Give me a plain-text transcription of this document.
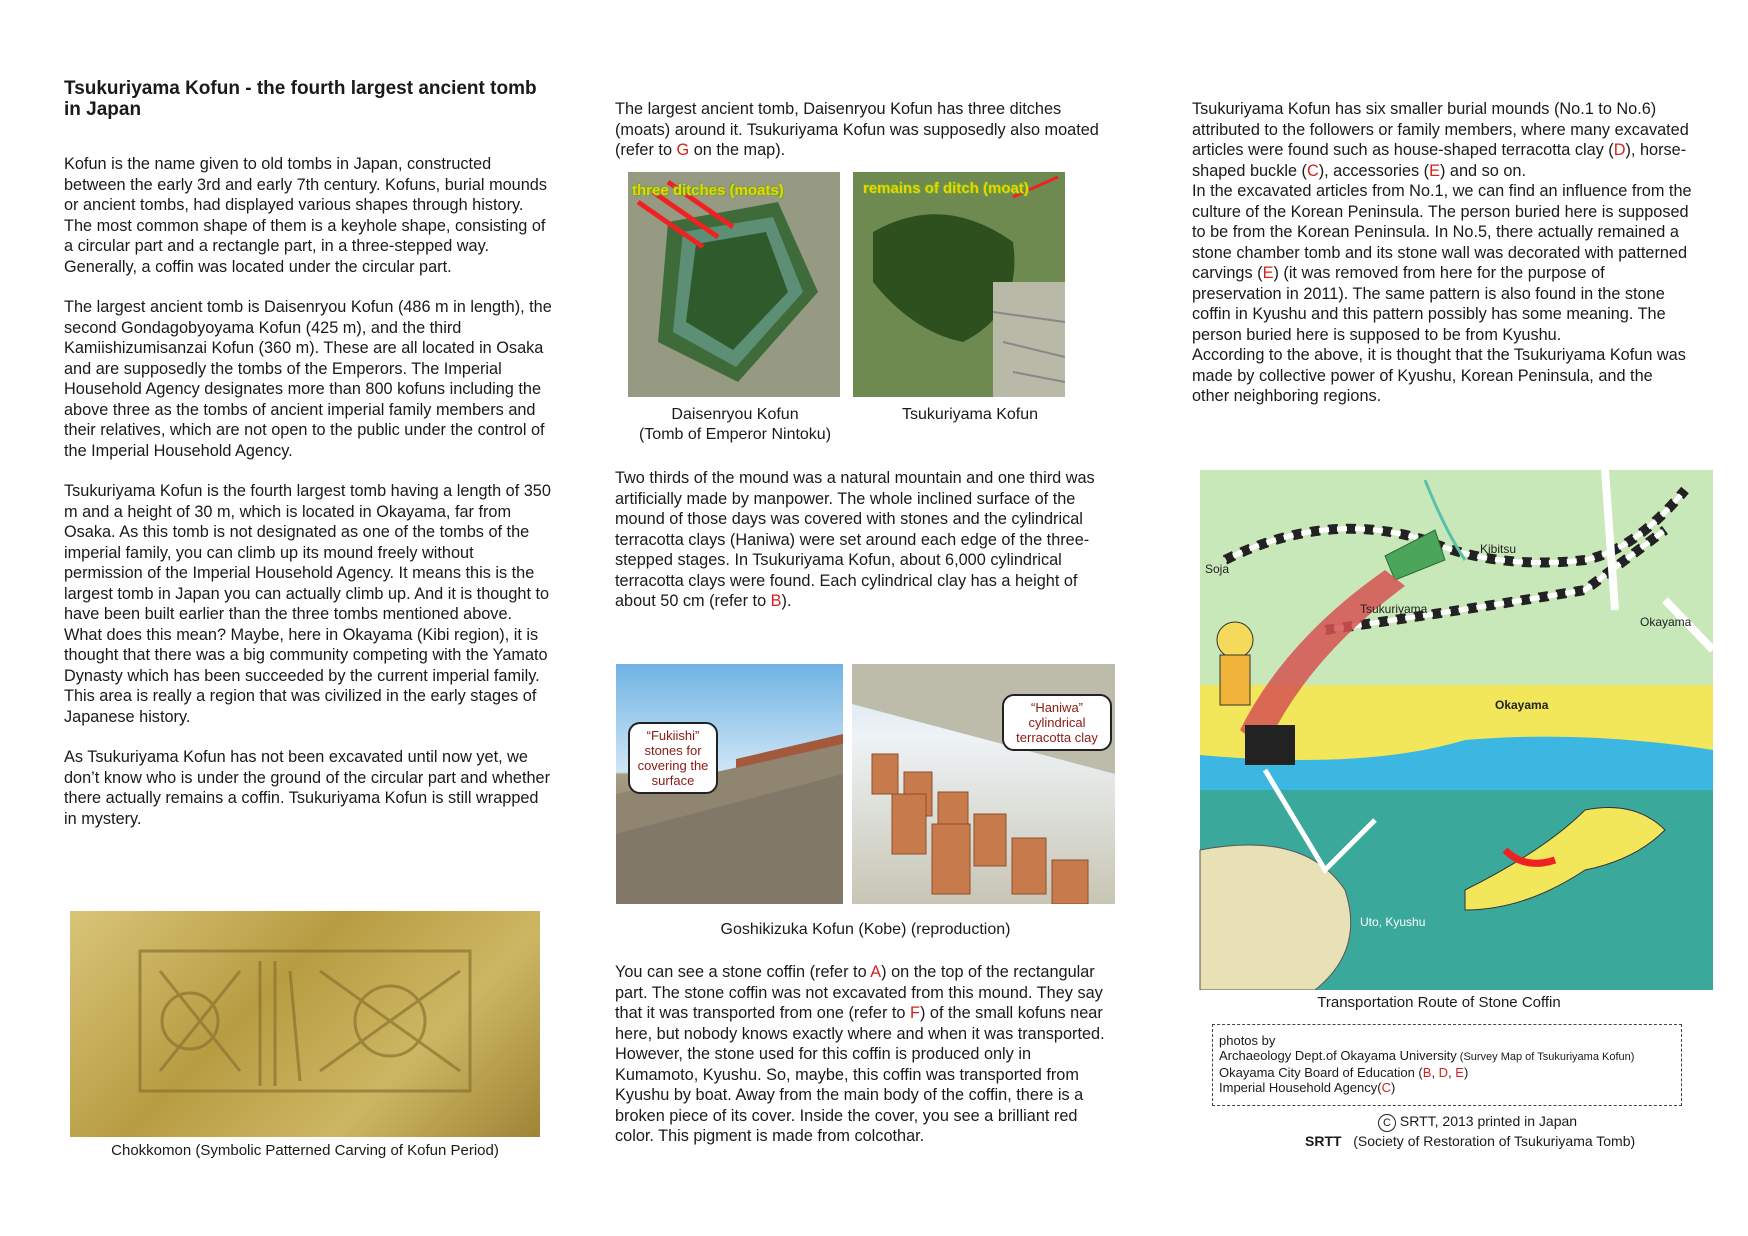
Tsukuriyama Kofun - the fourth largest ancient tomb in Japan

Kofun is the name given to old tombs in Japan, constructed between the early 3rd and early 7th century. Kofuns, burial mounds or ancient tombs, had displayed various shapes through history. The most common shape of them is a keyhole shape, consisting of a circular part and a rectangle part, in a three-stepped way. Generally, a coffin was located under the circular part.

The largest ancient tomb is Daisenryou Kofun (486 m in length), the second Gondagobyoyama Kofun (425 m), and the third Kamiishizumisanzai Kofun (360 m). These are all located in Osaka and are supposedly the tombs of the Emperors. The Imperial Household Agency designates more than 800 kofuns including the above three as the tombs of ancient imperial family members and their relatives, which are not open to the public under the control of the Imperial Household Agency.

Tsukuriyama Kofun is the fourth largest tomb having a length of 350 m and a height of 30 m, which is located in Okayama, far from Osaka. As this tomb is not designated as one of the tombs of the imperial family, you can climb up its mound freely without permission of the Imperial Household Agency. It means this is the largest tomb in Japan you can actually climb up. And it is thought to have been built earlier than the three tombs mentioned above. What does this mean? Maybe, here in Okayama (Kibi region), it is thought that there was a big community competing with the Yamato Dynasty which has been succeeded by the current imperial family. This area is really a region that was civilized in the early stages of Japanese history.

As Tsukuriyama Kofun has not been excavated until now yet, we don’t know who is under the ground of the circular part and whether there actually remains a coffin. Tsukuriyama Kofun is still wrapped in mystery.

Chokkomon (Symbolic Patterned Carving of Kofun Period)

The largest ancient tomb, Daisenryou Kofun has three ditches (moats) around it. Tsukuriyama Kofun was supposedly also moated (refer to G on the map).

three ditches (moats)	remains of ditch (moat)
Daisenryou Kofun
(Tomb of Emperor Nintoku)
Tsukuriyama Kofun

Two thirds of the mound was a natural mountain and one third was artificially made by manpower. The whole inclined surface of the mound of those days was covered with stones and the cylindrical terracotta clays (Haniwa) were set around each edge of the three-stepped stages. In Tsukuriyama Kofun, about 6,000 cylindrical terracotta clays were found. Each cylindrical clay has a height of about 50 cm (refer to B).

“Fukiishi” stones for covering the surface
“Haniwa” cylindrical terracotta clay
Goshikizuka Kofun (Kobe) (reproduction)

You can see a stone coffin (refer to A) on the top of the rectangular part. The stone coffin was not excavated from this mound. They say that it was transported from one (refer to F) of the small kofuns near here, but nobody knows exactly where and when it was transported. However, the stone used for this coffin is produced only in Kumamoto, Kyushu. So, maybe, this coffin was transported from Kyushu by boat. Away from the main body of the coffin, there is a broken piece of its cover. Inside the cover, you see a brilliant red color. This pigment is made from colcothar.

Tsukuriyama Kofun has six smaller burial mounds (No.1 to No.6) attributed to the followers or family members, where many excavated articles were found such as house-shaped terracotta clay (D), horse-shaped buckle (C), accessories (E) and so on.

In the excavated articles from No.1, we can find an influence from the culture of the Korean Peninsula. The person buried here is supposed to be from the Korean Peninsula. In No.5, there actually remained a stone chamber tomb and its stone wall was decorated with patterned carvings (E) (it was removed from here for the purpose of preservation in 2011). The same pattern is also found in the stone coffin in Kyushu and this pattern possibly has some meaning. The person buried here is supposed to be from Kyushu.

According to the above, it is thought that the Tsukuriyama Kofun was made by collective power of Kyushu, Korean Peninsula, and the other neighboring regions.

Soja
Kibitsu
Tsukuriyama
Okayama
Okayama
Uto, Kyushu
Transportation Route of Stone Coffin
photos by
Archaeology Dept.of Okayama University (Survey Map of Tsukuriyama Kofun)
Okayama City Board of Education (B, D, E)
Imperial Household Agency(C)
C SRTT, 2013 printed in Japan
SRTT (Society of Restoration of Tsukuriyama Tomb)
